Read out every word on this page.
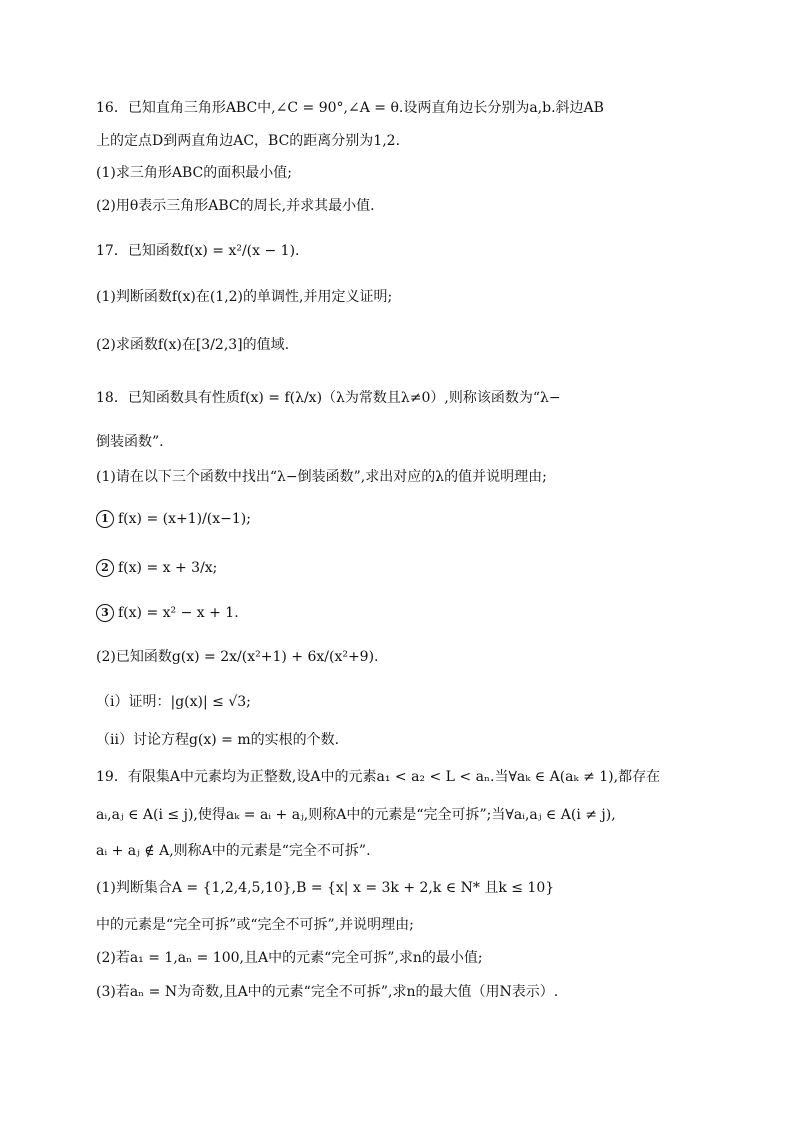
16．已知直角三角形ABC中,∠C = 90°,∠A = θ.设两直角边长分别为a,b.斜边AB
上的定点D到两直角边AC，BC的距离分别为1,2.
(1)求三角形ABC的面积最小值;
(2)用θ表示三角形ABC的周长,并求其最小值.
17．已知函数f(x) = x²/(x − 1).
(1)判断函数f(x)在(1,2)的单调性,并用定义证明;
(2)求函数f(x)在[3/2,3]的值域.
18．已知函数具有性质f(x) = f(λ/x)（λ为常数且λ≠0）,则称该函数为“λ−
倒装函数”.
(1)请在以下三个函数中找出“λ−倒装函数”,求出对应的λ的值并说明理由;
1 f(x) = (x+1)/(x−1);
2 f(x) = x + 3/x;
3 f(x) = x² − x + 1.
(2)已知函数g(x) = 2x/(x²+1) + 6x/(x²+9).
（i）证明：|g(x)| ≤ √3;
（ii）讨论方程g(x) = m的实根的个数.
19．有限集A中元素均为正整数,设A中的元素a₁ < a₂ < L < aₙ.当∀aₖ ∈ A(aₖ ≠ 1),都存在
aᵢ,aⱼ ∈ A(i ≤ j),使得aₖ = aᵢ + aⱼ,则称A中的元素是“完全可拆”;当∀aᵢ,aⱼ ∈ A(i ≠ j),
aᵢ + aⱼ ∉ A,则称A中的元素是“完全不可拆”.
(1)判断集合A = {1,2,4,5,10},B = {x| x = 3k + 2,k ∈ N* 且k ≤ 10}
中的元素是“完全可拆”或“完全不可拆”,并说明理由;
(2)若a₁ = 1,aₙ = 100,且A中的元素“完全可拆”,求n的最小值;
(3)若aₙ = N为奇数,且A中的元素“完全不可拆”,求n的最大值（用N表示）.
